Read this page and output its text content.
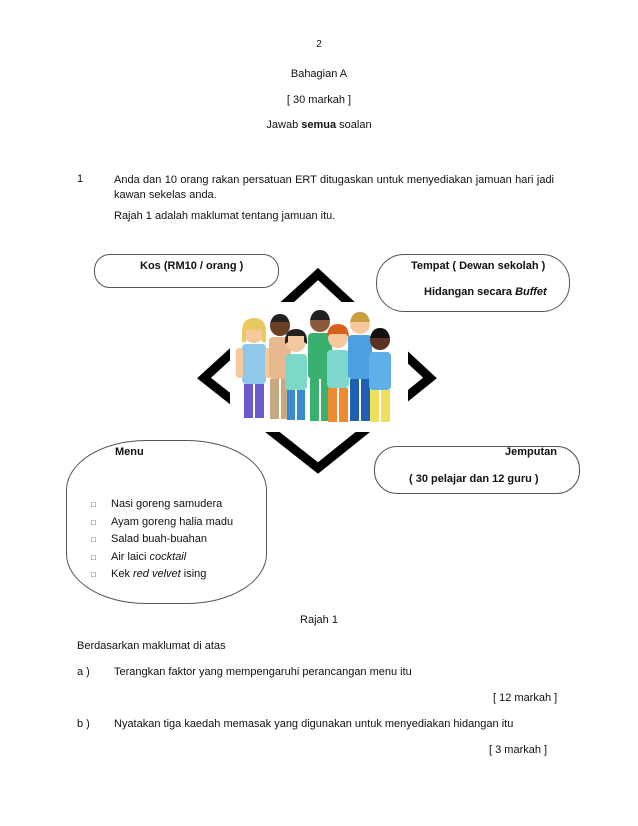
2
Bahagian A
[ 30 markah ]
Jawab semua soalan
1	Anda dan 10 orang rakan persatuan ERT ditugaskan untuk menyediakan jamuan hari jadi kawan sekelas anda.
Rajah 1 adalah maklumat tentang jamuan itu.
Kos (RM10 / orang )	Tempat ( Dewan sekolah )
Hidangan secara Buffet
Menu
□ Nasi goreng samudera
□ Ayam goreng halia madu
□ Salad buah-buahan
□ Air laici cocktail
□ Kek red velvet ising
Jemputan
( 30 pelajar dan 12 guru )
Rajah 1
Berdasarkan maklumat di atas
a ) Terangkan faktor yang mempengaruhi perancangan menu itu
[ 12 markah ]
b ) Nyatakan tiga kaedah memasak yang digunakan untuk menyediakan hidangan itu
[ 3 markah ]
